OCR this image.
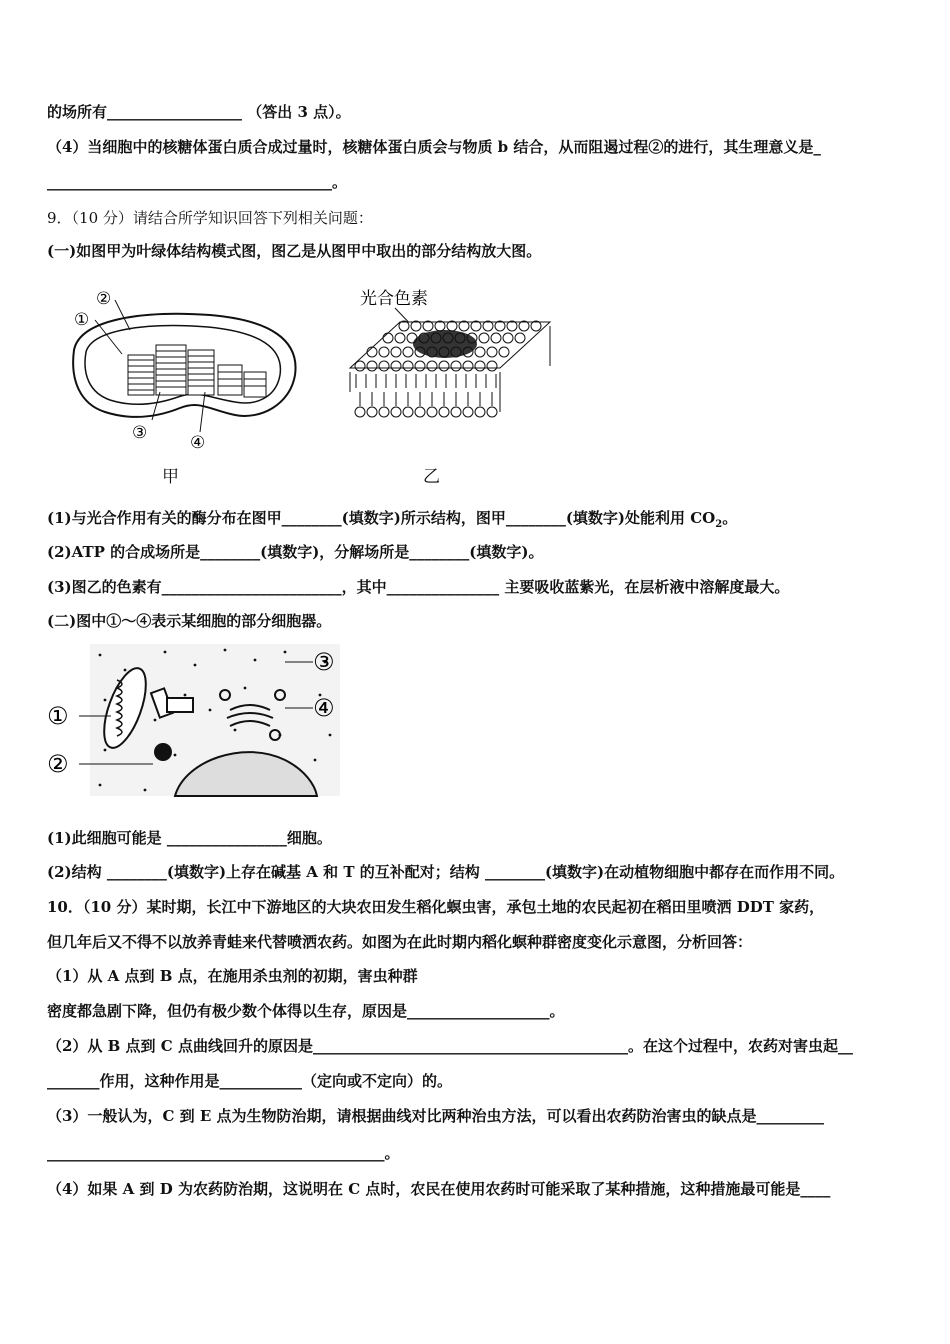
的场所有__________________ （答出 3 点）。
（4）当细胞中的核糖体蛋白质合成过量时，核糖体蛋白质会与物质 b 结合，从而阻遏过程②的进行，其生理意义是_
______________________________________。
9．（10 分）请结合所学知识回答下列相关问题：
(一)如图甲为叶绿体结构模式图，图乙是从图甲中取出的部分结构放大图。
②
①
③	④
光合色素
甲	乙
(1)与光合作用有关的酶分布在图甲________(填数字)所示结构，图甲________(填数字)处能利用 $CO_2$。
(2)ATP 的合成场所是________(填数字)，分解场所是________(填数字)。
(3)图乙的色素有________________________，其中_______________ 主要吸收蓝紫光，在层析液中溶解度最大。
(二)图中①～④表示某细胞的部分细胞器。
①
②
③
④
(1)此细胞可能是 ________________细胞。
(2)结构 ________(填数字)上存在碱基 A 和 T 的互补配对；结构 ________(填数字)在动植物细胞中都存在而作用不同。
10．（10 分）某时期，长江中下游地区的大块农田发生稻化螟虫害，承包土地的农民起初在稻田里喷洒 DDT 家药，
但几年后又不得不以放养青蛙来代替喷洒农药。如图为在此时期内稻化螟种群密度变化示意图，分析回答：
（1）从 A 点到 B 点，在施用杀虫剂的初期，害虫种群
密度都急剧下降，但仍有极少数个体得以生存，原因是___________________。
（2）从 B 点到 C 点曲线回升的原因是__________________________________________。在这个过程中，农药对害虫起__
_______作用，这种作用是___________（定向或不定向）的。
（3）一般认为，C 到 E 点为生物防治期，请根据曲线对比两种治虫方法，可以看出农药防治害虫的缺点是_________
_____________________________________________。
（4）如果 A 到 D 为农药防治期，这说明在 C 点时，农民在使用农药时可能采取了某种措施，这种措施最可能是____
